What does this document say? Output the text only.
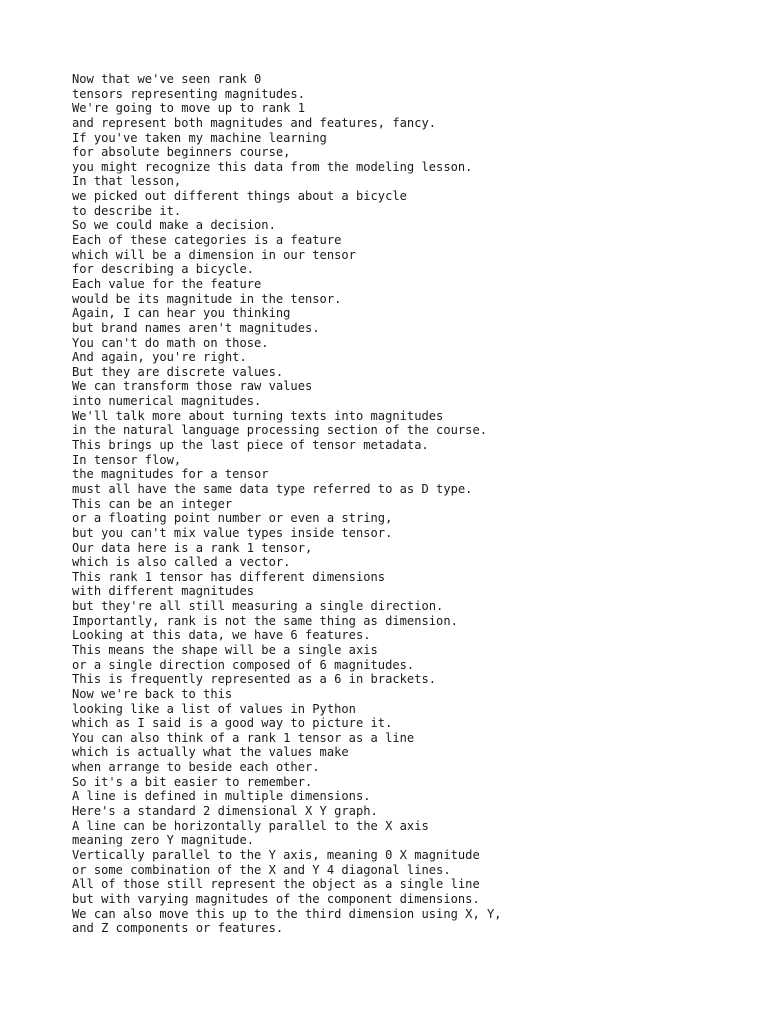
Now that we've seen rank 0
tensors representing magnitudes.
We're going to move up to rank 1
and represent both magnitudes and features, fancy.
If you've taken my machine learning
for absolute beginners course,
you might recognize this data from the modeling lesson.
In that lesson,
we picked out different things about a bicycle
to describe it.
So we could make a decision.
Each of these categories is a feature
which will be a dimension in our tensor
for describing a bicycle.
Each value for the feature
would be its magnitude in the tensor.
Again, I can hear you thinking
but brand names aren't magnitudes.
You can't do math on those.
And again, you're right.
But they are discrete values.
We can transform those raw values
into numerical magnitudes.
We'll talk more about turning texts into magnitudes
in the natural language processing section of the course.
This brings up the last piece of tensor metadata.
In tensor flow,
the magnitudes for a tensor
must all have the same data type referred to as D type.
This can be an integer
or a floating point number or even a string,
but you can't mix value types inside tensor.
Our data here is a rank 1 tensor,
which is also called a vector.
This rank 1 tensor has different dimensions
with different magnitudes
but they're all still measuring a single direction.
Importantly, rank is not the same thing as dimension.
Looking at this data, we have 6 features.
This means the shape will be a single axis
or a single direction composed of 6 magnitudes.
This is frequently represented as a 6 in brackets.
Now we're back to this
looking like a list of values in Python
which as I said is a good way to picture it.
You can also think of a rank 1 tensor as a line
which is actually what the values make
when arrange to beside each other.
So it's a bit easier to remember.
A line is defined in multiple dimensions.
Here's a standard 2 dimensional X Y graph.
A line can be horizontally parallel to the X axis
meaning zero Y magnitude.
Vertically parallel to the Y axis, meaning 0 X magnitude
or some combination of the X and Y 4 diagonal lines.
All of those still represent the object as a single line
but with varying magnitudes of the component dimensions.
We can also move this up to the third dimension using X, Y,
and Z components or features.
